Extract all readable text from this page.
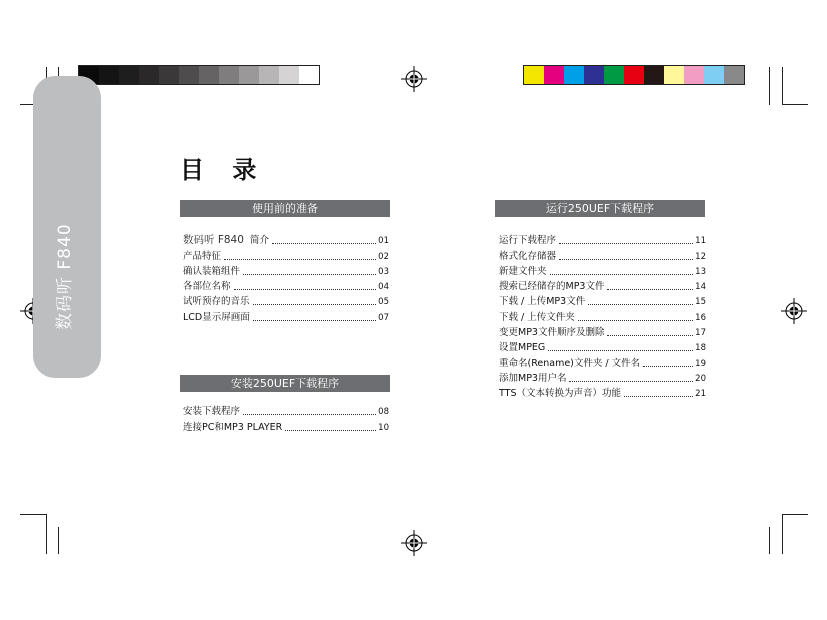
数码听 F840
目 录
使用前的准备
数码听 F840 简介	01
产品特征	02
确认装箱组件	03
各部位名称	04
试听预存的音乐	05
LCD显示屏画面	07
安装250UEF下载程序
安装下载程序	08
连接PC和MP3 PLAYER	10
运行250UEF下载程序
运行下载程序	11
格式化存储器	12
新建文件夹	13
搜索已经储存的MP3文件	14
下载 / 上传MP3文件	15
下载 / 上传文件夹	16
变更MP3文件顺序及删除	17
设置MPEG	18
重命名(Rename)文件夹 / 文件名	19
添加MP3用户名	20
TTS（文本转换为声音）功能	21
